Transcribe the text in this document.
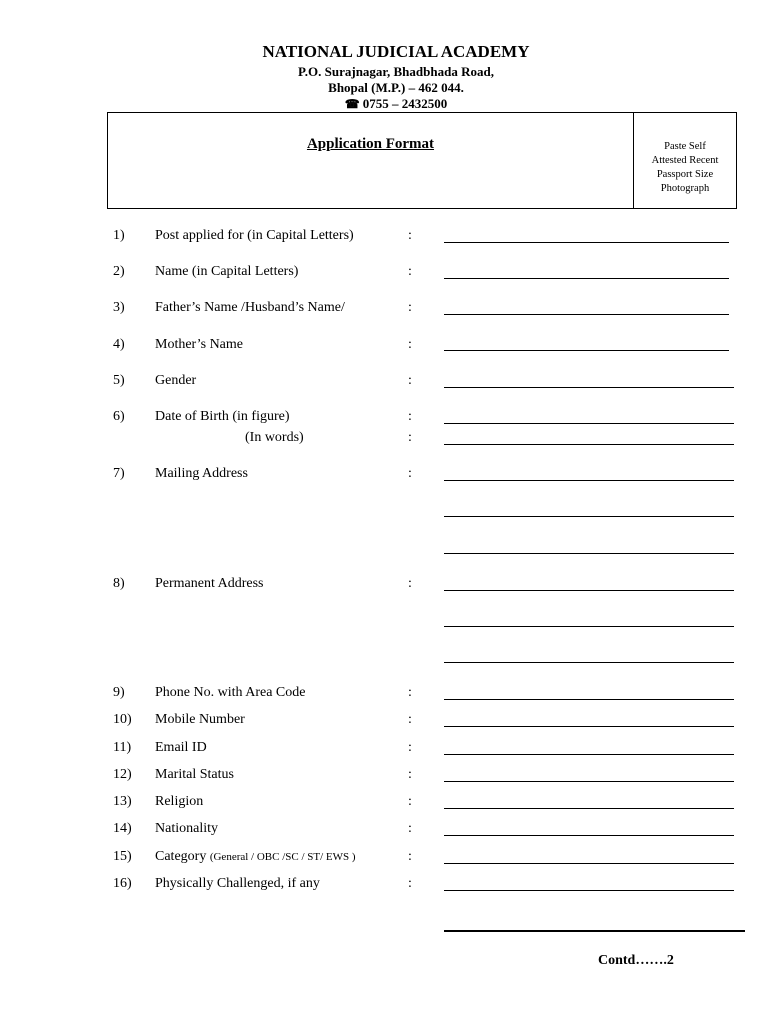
NATIONAL JUDICIAL ACADEMY
P.O. Surajnagar, Bhadbhada Road,
Bhopal (M.P.) – 462 044.
☎ 0755 – 2432500
Application Format	Paste Self
Attested Recent
Passport Size
Photograph
1) Post applied for (in Capital Letters)	:
2) Name (in Capital Letters)	:
3) Father’s Name /Husband’s Name/	:
4) Mother’s Name	:
5) Gender	:
6) Date of Birth (in figure)	:
(In words)	:
7) Mailing Address	:
8) Permanent Address	:
9) Phone No. with Area Code	:
10) Mobile Number	:
11) Email ID	:
12) Marital Status	:
13) Religion	:
14) Nationality	:
15) Category (General / OBC /SC / ST/ EWS )	:
16) Physically Challenged, if any	:
Contd…….2
